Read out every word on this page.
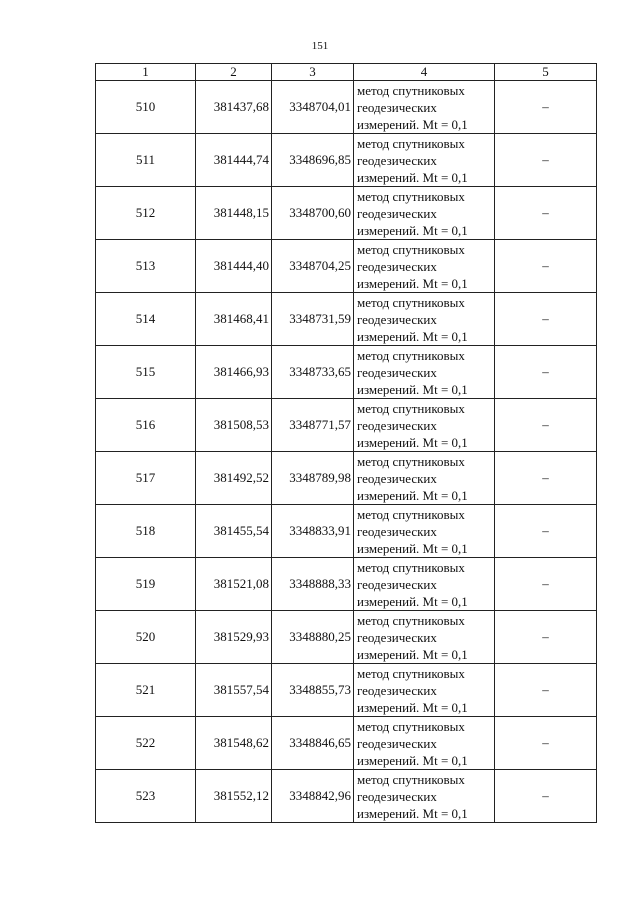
151
1	2	3	4	5
510	381437,68	3348704,01	метод спутниковых
геодезических
измерений. Mt = 0,1	–
511	381444,74	3348696,85	метод спутниковых
геодезических
измерений. Mt = 0,1	–
512	381448,15	3348700,60	метод спутниковых
геодезических
измерений. Mt = 0,1	–
513	381444,40	3348704,25	метод спутниковых
геодезических
измерений. Mt = 0,1	–
514	381468,41	3348731,59	метод спутниковых
геодезических
измерений. Mt = 0,1	–
515	381466,93	3348733,65	метод спутниковых
геодезических
измерений. Mt = 0,1	–
516	381508,53	3348771,57	метод спутниковых
геодезических
измерений. Mt = 0,1	–
517	381492,52	3348789,98	метод спутниковых
геодезических
измерений. Mt = 0,1	–
518	381455,54	3348833,91	метод спутниковых
геодезических
измерений. Mt = 0,1	–
519	381521,08	3348888,33	метод спутниковых
геодезических
измерений. Mt = 0,1	–
520	381529,93	3348880,25	метод спутниковых
геодезических
измерений. Mt = 0,1	–
521	381557,54	3348855,73	метод спутниковых
геодезических
измерений. Mt = 0,1	–
522	381548,62	3348846,65	метод спутниковых
геодезических
измерений. Mt = 0,1	–
523	381552,12	3348842,96	метод спутниковых
геодезических
измерений. Mt = 0,1	–
